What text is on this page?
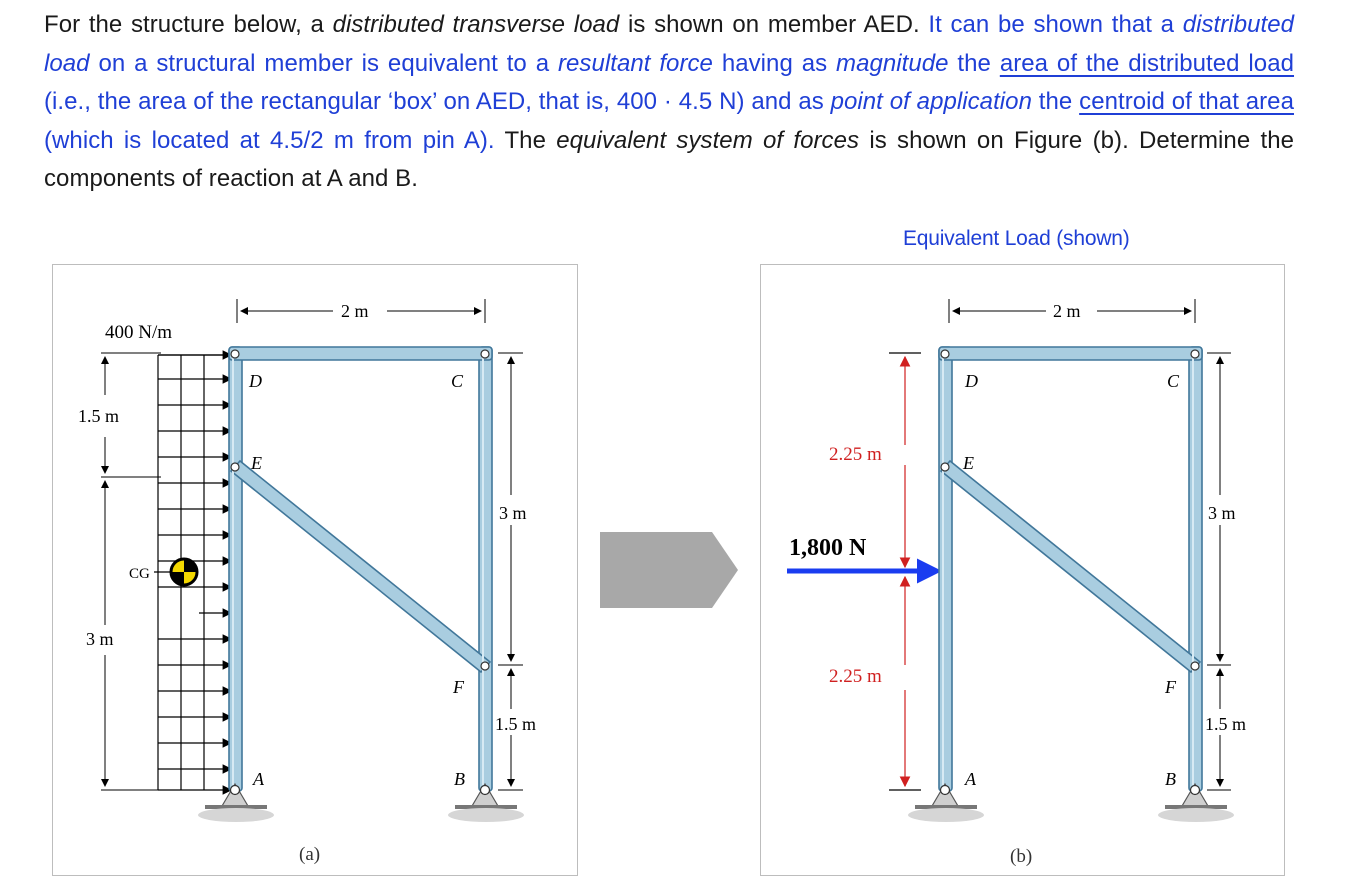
For the structure below, a distributed transverse load is shown on member AED. It can be shown that a distributed load on a structural member is equivalent to a resultant force having as magnitude the area of the distributed load (i.e., the area of the rectangular ‘box’ on AED, that is, 400 · 4.5 N) and as point of application the centroid of that area (which is located at 4.5/2 m from pin A). The equivalent system of forces is shown on Figure (b). Determine the components of reaction at A and B.
Equivalent Load (shown)
400 N/m
1.5 m
3 m
CG
2 m
3 m
1.5 m
D	C
E
F
A	B
(a)
2.25 m
2.25 m
1,800 N
2 m
3 m
1.5 m
D	C
E
F
A	B
(b)
